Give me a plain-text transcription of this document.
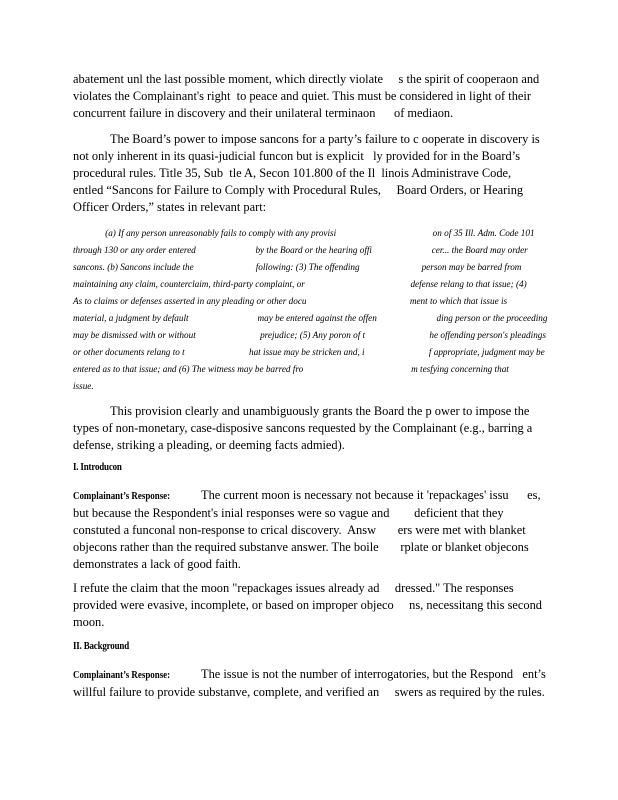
abatement unl the last possible moment, which directly violate     s the spirit of cooperaon and
violates the Complainant's right  to peace and quiet. This must be considered in light of their
concurrent failure in discovery and their unilateral terminaon      of mediaon.
The Board’s power to impose sancons for a party’s failure to c ooperate in discovery is
not only inherent in its quasi-judicial funcon but is explicit   ly provided for in the Board’s
procedural rules. Title 35, Sub  tle A, Secon 101.800 of the Il  linois Administrave Code,
entled “Sancons for Failure to Comply with Procedural Rules,     Board Orders, or Hearing
Officer Orders,” states in relevant part:
(a) If any person unreasonably fails to comply with any provisi                                          on of 35 Ill. Adm. Code 101
through 130 or any order entered                          by the Board or the hearing offi                          cer... the Board may order
sancons. (b) Sancons include the                           following: (3) The offending                           person may be barred from
maintaining any claim, counterclaim, third-party complaint, or                                              defense relang to that issue; (4)
As to claims or defenses asserted in any pleading or other docu                                             ment to which that issue is
material, a judgment by default                              may be entered against the offen                          ding person or the proceeding
may be dismissed with or without                            prejudice; (5) Any poron of t                            he offending person's pleadings
or other documents relang to t                            hat issue may be stricken and, i                            f appropriate, judgment may be
entered as to that issue; and (6) The witness may be barred fro                                               m tesfying concerning that
issue.
This provision clearly and unambiguously grants the Board the p ower to impose the
types of non-monetary, case-disposive sancons requested by the Complainant (e.g., barring a
defense, striking a pleading, or deeming facts admied).
I. Introducon
Complainant’s Response: The current moon is necessary not because it 'repackages' issu      es,
but because the Respondent's inial responses were so vague and        deficient that they
constuted a funconal non-response to crical discovery.  Answ       ers were met with blanket
objecons rather than the required substanve answer. The boile       rplate or blanket objecons
demonstrates a lack of good faith.
I refute the claim that the moon "repackages issues already ad     dressed." The responses
provided were evasive, incomplete, or based on improper objeco     ns, necessitang this second
moon.
II. Background
Complainant’s Response: The issue is not the number of interrogatories, but the Respond   ent’s
willful failure to provide substanve, complete, and verified an     swers as required by the rules.
